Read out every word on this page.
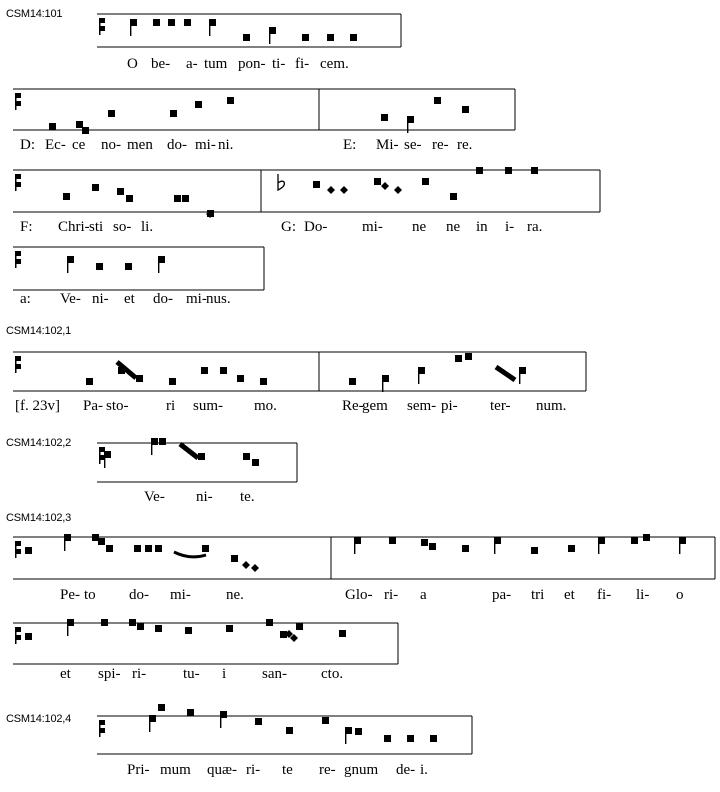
CSM14:101
CSM14:102,1
CSM14:102,2
CSM14:102,3
CSM14:102,4
O be- a- tum pon- ti- fi- cem.
D: Ec- ce no- men do- mi- ni.	E: Mi- se- re- re.
F: Chri- sti so- li.	G: Do- mi- ne ne in i- ra.
a: Ve- ni- et do- mi- nus.
[f. 23v] Pa- sto-	ri sum- mo.	Re-
gem sem- pi- ter- num.
Ve- ni- te.
Pe- to do- mi- ne.	Glo- ri- a	pa- tri et fi- li- o
et spi- ri- tu- i san- cto.
Pri- mum quæ- ri- te re- gnum de- i.
